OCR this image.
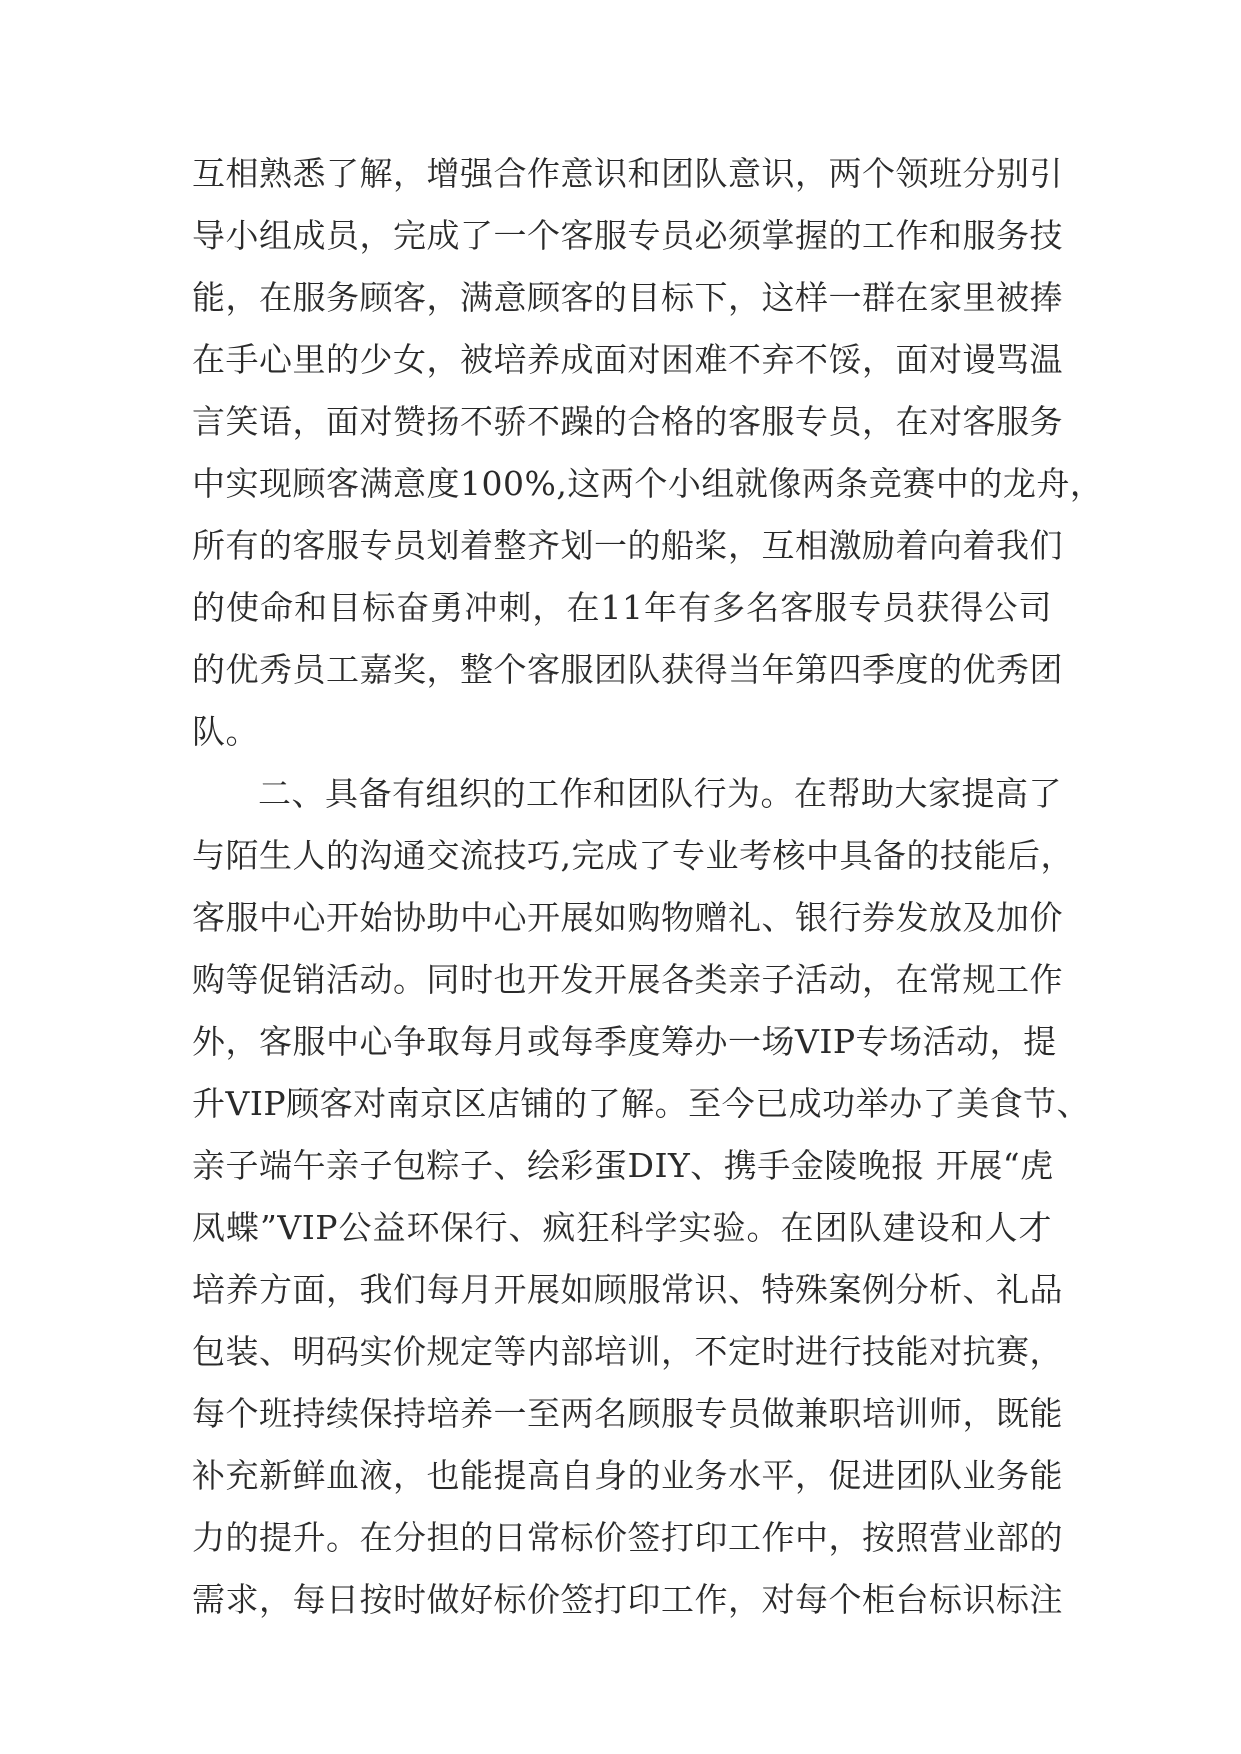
互相熟悉了解，增强合作意识和团队意识，两个领班分别引
导小组成员，完成了一个客服专员必须掌握的工作和服务技
能，在服务顾客，满意顾客的目标下，这样一群在家里被捧
在手心里的少女，被培养成面对困难不弃不馁，面对谩骂温
言笑语，面对赞扬不骄不躁的合格的客服专员，在对客服务
中实现顾客满意度100%,这两个小组就像两条竞赛中的龙舟，
所有的客服专员划着整齐划一的船桨，互相激励着向着我们
的使命和目标奋勇冲刺，在11年有多名客服专员获得公司
的优秀员工嘉奖，整个客服团队获得当年第四季度的优秀团
队。
二、具备有组织的工作和团队行为。在帮助大家提高了
与陌生人的沟通交流技巧,完成了专业考核中具备的技能后，
客服中心开始协助中心开展如购物赠礼、银行券发放及加价
购等促销活动。同时也开发开展各类亲子活动，在常规工作
外，客服中心争取每月或每季度筹办一场VIP专场活动，提
升VIP顾客对南京区店铺的了解。至今已成功举办了美食节、
亲子端午亲子包粽子、绘彩蛋DIY、携手金陵晚报 开展“虎
凤蝶”VIP公益环保行、疯狂科学实验。在团队建设和人才
培养方面，我们每月开展如顾服常识、特殊案例分析、礼品
包装、明码实价规定等内部培训，不定时进行技能对抗赛，
每个班持续保持培养一至两名顾服专员做兼职培训师，既能
补充新鲜血液，也能提高自身的业务水平，促进团队业务能
力的提升。在分担的日常标价签打印工作中，按照营业部的
需求，每日按时做好标价签打印工作，对每个柜台标识标注
